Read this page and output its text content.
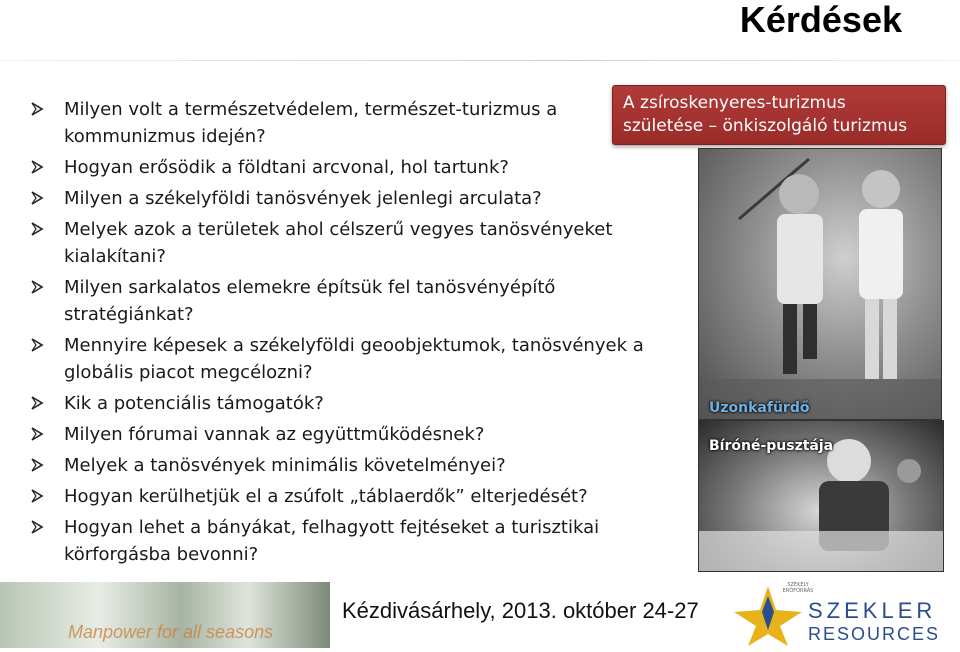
Kérdések
Milyen volt a természetvédelem, természet-turizmus a kommunizmus idején?
Hogyan erősödik a földtani arcvonal, hol tartunk?
Milyen a székelyföldi tanösvények jelenlegi arculata?
Melyek azok a területek ahol célszerű vegyes tanösvényeket kialakítani?
Milyen sarkalatos elemekre építsük fel tanösvényépítő stratégiánkat?
Mennyire képesek a székelyföldi geoobjektumok, tanösvények a globális piacot megcélozni?
Kik a potenciális támogatók?
Milyen fórumai vannak az együttműködésnek?
Melyek a tanösvények minimális követelményei?
Hogyan kerülhetjük el a zsúfolt „táblaerdők” elterjedését?
Hogyan lehet a bányákat, felhagyott fejtéseket a turisztikai körforgásba bevonni?
A zsíroskenyeres-turizmus
születése – önkiszolgáló turizmus
Uzonkafürdő
Bíróné-pusztája
Manpower for all seasons
Kézdivásárhely, 2013. október 24-27
SZÉKELY ERŐFORRÁS
SZEKLER
RESOURCES
